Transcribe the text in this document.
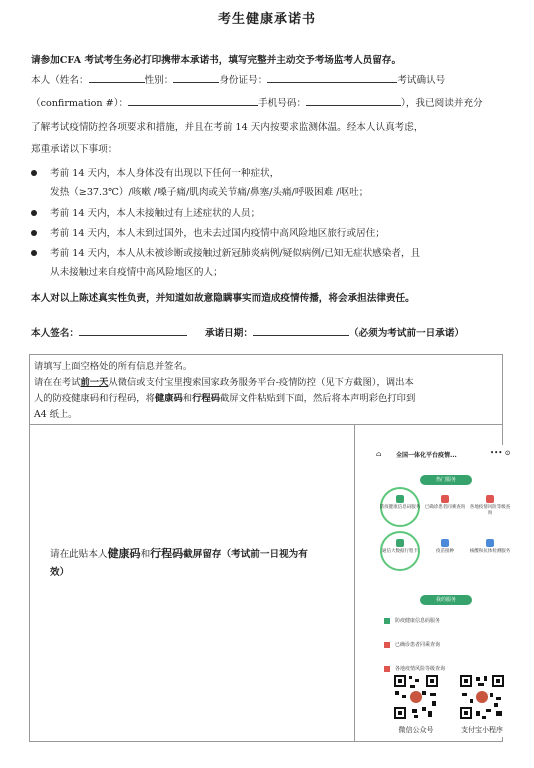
考生健康承诺书
请参加CFA 考试考生务必打印携带本承诺书，填写完整并主动交予考场监考人员留存。
本人（姓名：	性别：	身份证号：	考试确认号
（confirmation #）：	手机号码：	），我已阅读并充分
了解考试疫情防控各项要求和措施，并且在考前 14 天内按要求监测体温。经本人认真考虑，
郑重承诺以下事项：
考前 14 天内，本人身体没有出现以下任何一种症状，
发热（≥37.3℃）/咳嗽 /嗓子痛/肌肉或关节痛/鼻塞/头痛/呼吸困难 /呕吐；
考前 14 天内，本人未接触过有上述症状的人员；
考前 14 天内，本人未到过国外，也未去过国内疫情中高风险地区旅行或居住；
考前 14 天内，本人从未被诊断或接触过新冠肺炎病例/疑似病例/已知无症状感染者，且
从未接触过来自疫情中高风险地区的人；
本人对以上陈述真实性负责，并知道如故意隐瞒事实而造成疫情传播，将会承担法律责任。
本人签名：	承诺日期：	（必须为考试前一日承诺）
请填写上面空格处的所有信息并签名。
请在在考试前一天从微信或支付宝里搜索国家政务服务平台-疫情防控（见下方截图），调出本
人的防疫健康码和行程码，将健康码和行程码截屏文件粘贴到下面，然后将本声明彩色打印到
A4 纸上。
请在此贴本人健康码和行程码截屏留存（考试前一日视为有
效）
⌂ 全国一体化平台疫情...	••• ⊙
热门服务
防疫健康信息码服务 已确诊患者同乘查询 各地疫情风险等级查询
通信大数据行程卡	疫苗接种	核酸和抗体检测服务
我的服务
防疫健康信息码服务
已确诊患者同乘查询
各地疫情风险等级查询
微信公众号	支付宝小程序
